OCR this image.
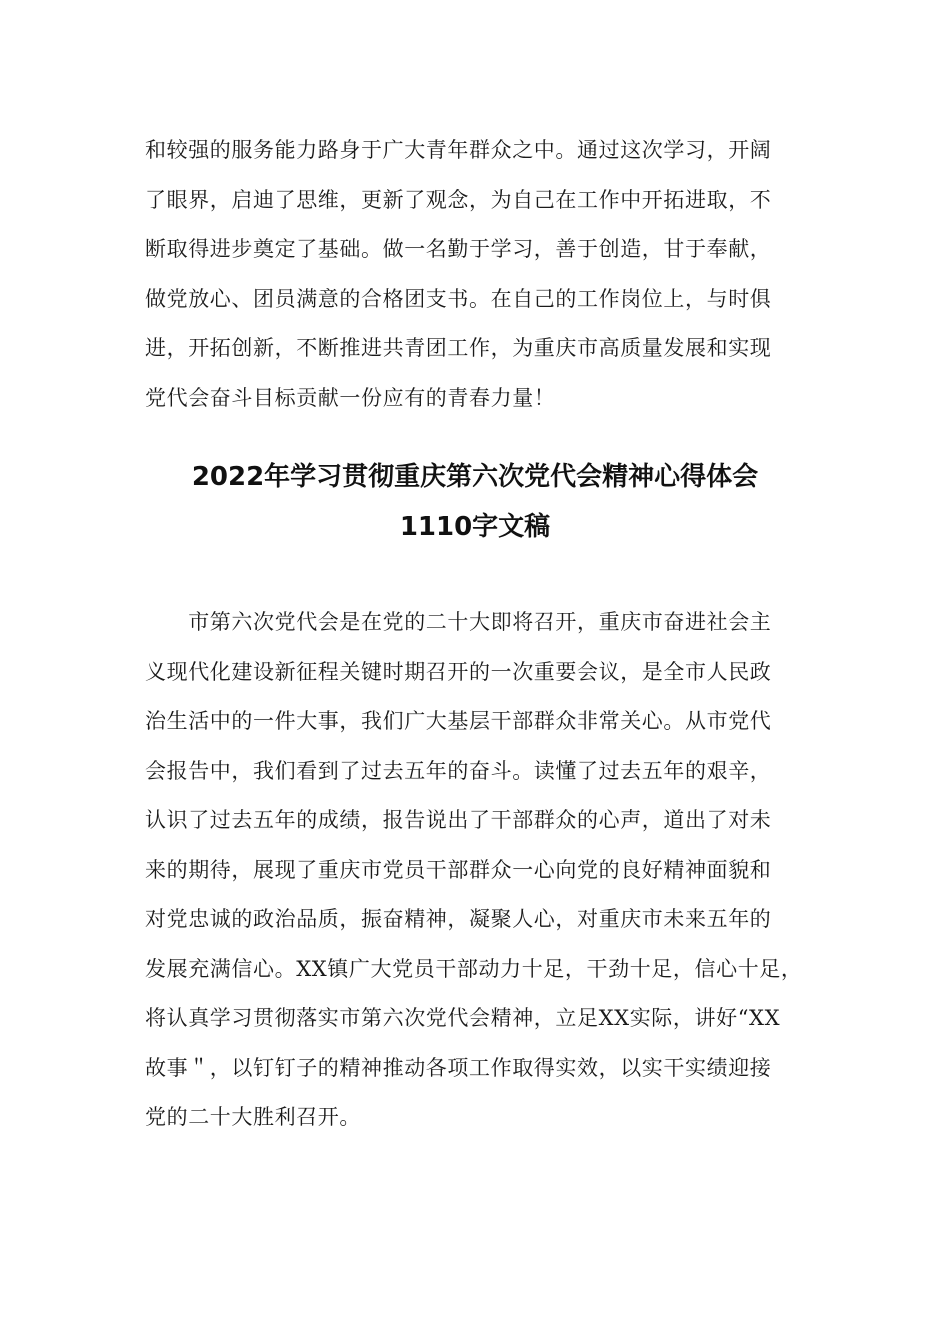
和较强的服务能力路身于广大青年群众之中。通过这次学习，开阔
了眼界，启迪了思维，更新了观念，为自己在工作中开拓进取，不
断取得进步奠定了基础。做一名勤于学习，善于创造，甘于奉献，
做党放心、团员满意的合格团支书。在自己的工作岗位上，与时俱
进，开拓创新，不断推进共青团工作，为重庆市高质量发展和实现
党代会奋斗目标贡献一份应有的青春力量！
2022年学习贯彻重庆第六次党代会精神心得体会
1110字文稿
　　市第六次党代会是在党的二十大即将召开，重庆市奋进社会主
义现代化建设新征程关键时期召开的一次重要会议，是全市人民政
治生活中的一件大事，我们广大基层干部群众非常关心。从市党代
会报告中，我们看到了过去五年的奋斗。读懂了过去五年的艰辛，
认识了过去五年的成绩，报告说出了干部群众的心声，道出了对未
来的期待，展现了重庆市党员干部群众一心向党的良好精神面貌和
对党忠诚的政治品质，振奋精神，凝聚人心，对重庆市未来五年的
发展充满信心。XX镇广大党员干部动力十足，干劲十足，信心十足，
将认真学习贯彻落实市第六次党代会精神，立足XX实际，讲好“XX
故事＂，以钉钉子的精神推动各项工作取得实效，以实干实绩迎接
党的二十大胜利召开。
